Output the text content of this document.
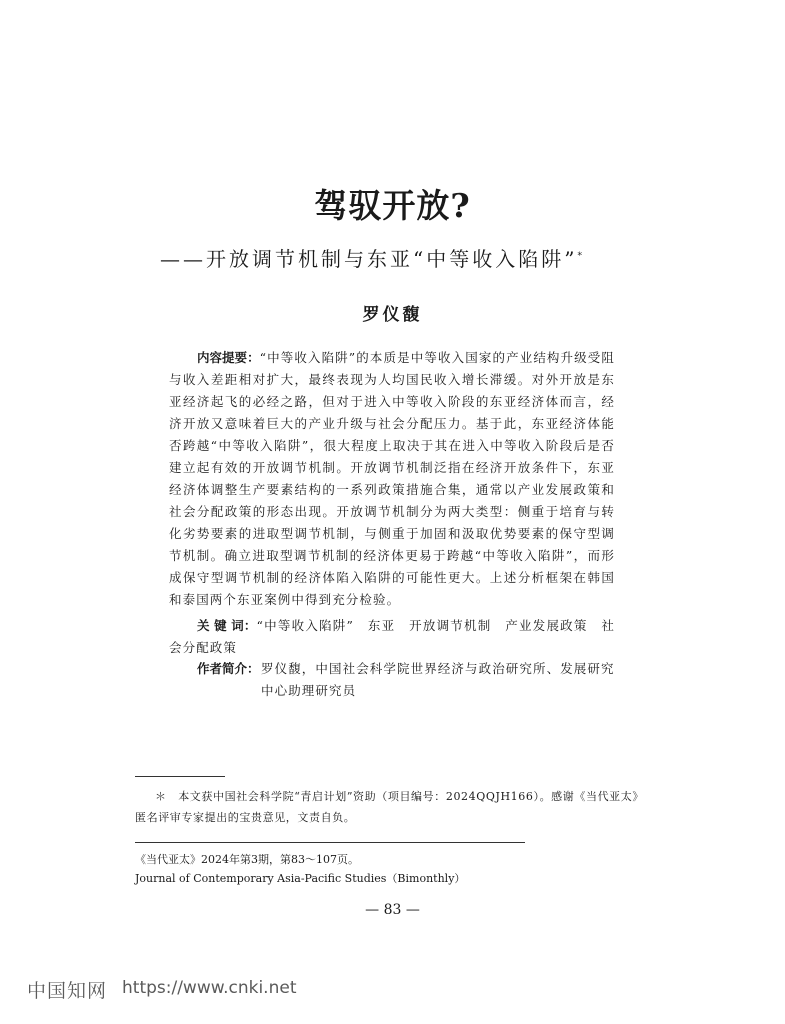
驾驭开放?
——开放调节机制与东亚“中等收入陷阱”*
罗仪馥
内容提要：“中等收入陷阱”的本质是中等收入国家的产业结构升级受阻与收入差距相对扩大，最终表现为人均国民收入增长滞缓。对外开放是东亚经济起飞的必经之路，但对于进入中等收入阶段的东亚经济体而言，经济开放又意味着巨大的产业升级与社会分配压力。基于此，东亚经济体能否跨越“中等收入陷阱”，很大程度上取决于其在进入中等收入阶段后是否建立起有效的开放调节机制。开放调节机制泛指在经济开放条件下，东亚经济体调整生产要素结构的一系列政策措施合集，通常以产业发展政策和社会分配政策的形态出现。开放调节机制分为两大类型：侧重于培育与转化劣势要素的进取型调节机制，与侧重于加固和汲取优势要素的保守型调节机制。确立进取型调节机制的经济体更易于跨越“中等收入陷阱”，而形成保守型调节机制的经济体陷入陷阱的可能性更大。上述分析框架在韩国和泰国两个东亚案例中得到充分检验。
关 键 词：“中等收入陷阱”　东亚　开放调节机制　产业发展政策　社会分配政策
作者简介： 罗仪馥，中国社会科学院世界经济与政治研究所、发展研究中心助理研究员
＊　本文获中国社会科学院“青启计划”资助（项目编号：2024QQJH166）。感谢《当代亚太》匿名评审专家提出的宝贵意见，文责自负。
《当代亚太》2024年第3期，第83～107页。
Journal of Contemporary Asia-Pacific Studies（Bimonthly）
— 83 —
中国知网 https://www.cnki.net
